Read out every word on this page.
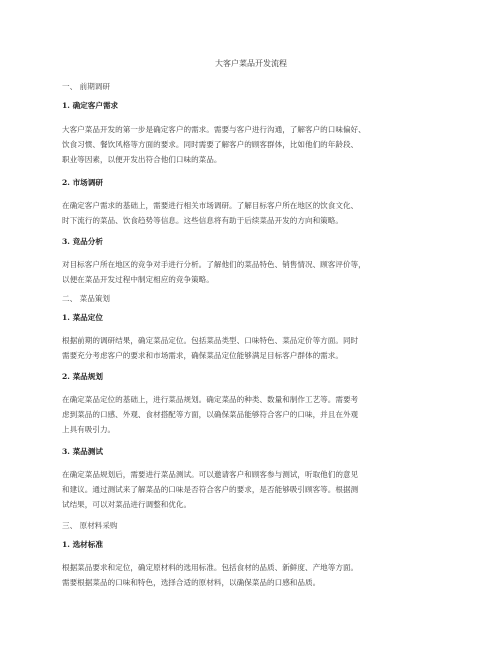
大客户菜品开发流程
一、 前期调研
1. 确定客户需求
大客户菜品开发的第一步是确定客户的需求。需要与客户进行沟通，了解客户的口味偏好、
饮食习惯、餐饮风格等方面的要求。同时需要了解客户的顾客群体，比如他们的年龄段、
职业等因素，以便开发出符合他们口味的菜品。
2. 市场调研
在确定客户需求的基础上，需要进行相关市场调研。了解目标客户所在地区的饮食文化、
时下流行的菜品、饮食趋势等信息。这些信息将有助于后续菜品开发的方向和策略。
3. 竞品分析
对目标客户所在地区的竞争对手进行分析。了解他们的菜品特色、销售情况、顾客评价等，
以便在菜品开发过程中制定相应的竞争策略。
二、 菜品策划
1. 菜品定位
根据前期的调研结果，确定菜品定位。包括菜品类型、口味特色、菜品定价等方面。同时
需要充分考虑客户的要求和市场需求，确保菜品定位能够满足目标客户群体的需求。
2. 菜品规划
在确定菜品定位的基础上，进行菜品规划。确定菜品的种类、数量和制作工艺等。需要考
虑到菜品的口感、外观、食材搭配等方面，以确保菜品能够符合客户的口味，并且在外观
上具有吸引力。
3. 菜品测试
在确定菜品规划后，需要进行菜品测试。可以邀请客户和顾客参与测试，听取他们的意见
和建议。通过测试来了解菜品的口味是否符合客户的要求，是否能够吸引顾客等。根据测
试结果，可以对菜品进行调整和优化。
三、 原材料采购
1. 选材标准
根据菜品要求和定位，确定原材料的选用标准。包括食材的品质、新鲜度、产地等方面。
需要根据菜品的口味和特色，选择合适的原材料，以确保菜品的口感和品质。
